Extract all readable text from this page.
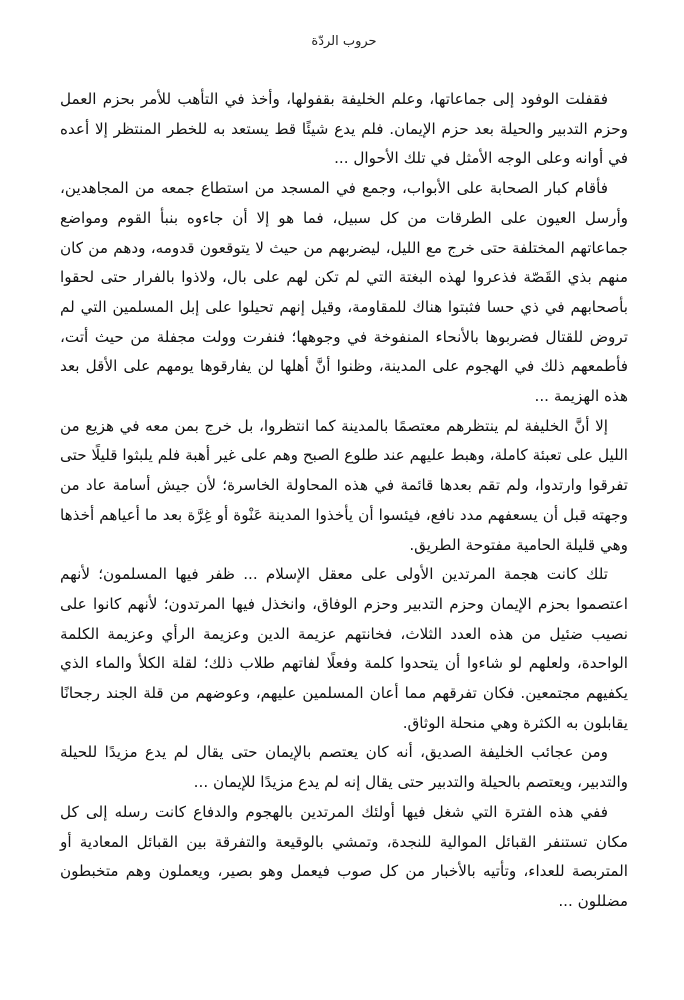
حروب الردّة

فقفلت الوفود إلى جماعاتها، وعلم الخليفة بقفولها، وأخذ في التأهب للأمر بحزم العمل وحزم التدبير والحيلة بعد حزم الإيمان. فلم يدع شيئًا قط يستعد به للخطر المنتظر إلا أعده في أوانه وعلى الوجه الأمثل في تلك الأحوال ...

فأقام كبار الصحابة على الأبواب، وجمع في المسجد من استطاع جمعه من المجاهدين، وأرسل العيون على الطرقات من كل سبيل، فما هو إلا أن جاءوه بنبأ القوم ومواضع جماعاتهم المختلفة حتى خرج مع الليل، ليضربهم من حيث لا يتوقعون قدومه، ودهم من كان منهم بذي القَصّة فذعروا لهذه البغتة التي لم تكن لهم على بال، ولاذوا بالفرار حتى لحقوا بأصحابهم في ذي حسا فثبتوا هناك للمقاومة، وقيل إنهم تحيلوا على إبل المسلمين التي لم تروض للقتال فضربوها بالأنحاء المنفوخة في وجوهها؛ فنفرت وولت مجفلة من حيث أتت، فأطمعهم ذلك في الهجوم على المدينة، وظنوا أنَّ أهلها لن يفارقوها يومهم على الأقل بعد هذه الهزيمة ...

إلا أنَّ الخليفة لم ينتظرهم معتصمًا بالمدينة كما انتظروا، بل خرج بمن معه في هزيع من الليل على تعبئة كاملة، وهبط عليهم عند طلوع الصبح وهم على غير أهبة فلم يلبثوا قليلًا حتى تفرقوا وارتدوا، ولم تقم بعدها قائمة في هذه المحاولة الخاسرة؛ لأن جيش أسامة عاد من وجهته قبل أن يسعفهم مدد نافع، فيئسوا أن يأخذوا المدينة عَنْوة أو غِرَّة بعد ما أعياهم أخذها وهي قليلة الحامية مفتوحة الطريق.

تلك كانت هجمة المرتدين الأولى على معقل الإسلام ... ظفر فيها المسلمون؛ لأنهم اعتصموا بحزم الإيمان وحزم التدبير وحزم الوفاق، وانخذل فيها المرتدون؛ لأنهم كانوا على نصيب ضئيل من هذه العدد الثلاث، فخانتهم عزيمة الدين وعزيمة الرأي وعزيمة الكلمة الواحدة، ولعلهم لو شاءوا أن يتحدوا كلمة وفعلًا لفاتهم طلاب ذلك؛ لقلة الكلأ والماء الذي يكفيهم مجتمعين. فكان تفرقهم مما أعان المسلمين عليهم، وعوضهم من قلة الجند رجحانًا يقابلون به الكثرة وهي منحلة الوثاق.

ومن عجائب الخليفة الصديق، أنه كان يعتصم بالإيمان حتى يقال لم يدع مزيدًا للحيلة والتدبير، ويعتصم بالحيلة والتدبير حتى يقال إنه لم يدع مزيدًا للإيمان ...

ففي هذه الفترة التي شغل فيها أولئك المرتدين بالهجوم والدفاع كانت رسله إلى كل مكان تستنفر القبائل الموالية للنجدة، وتمشي بالوقيعة والتفرقة بين القبائل المعادية أو المتربصة للعداء، وتأتيه بالأخبار من كل صوب فيعمل وهو بصير، ويعملون وهم متخبطون مضللون ...
